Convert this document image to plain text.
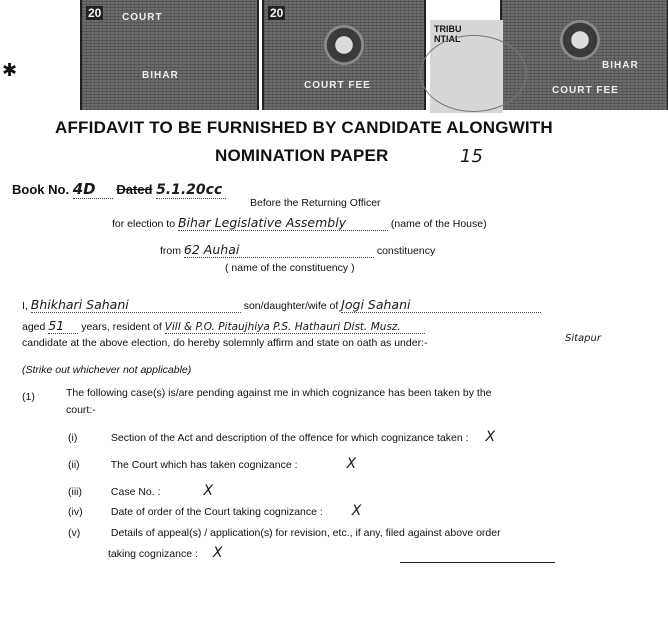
20 COURT
BIHAR
20
COURT FEE
BIHAR
COURT FEE
TRIBU
NTIAL
✱
AFFIDAVIT TO BE FURNISHED BY CANDIDATE ALONGWITH
NOMINATION PAPER	15
Book No. 4D Dated 5.1.20cc
Before the Returning Officer
for election to Bihar Legislative Assembly	(name of the House)
from 62 Auhai	constituency
( name of the constituency )
I, Bhikhari Sahani	son/daughter/wife of Jogi Sahani
aged 51 years, resident of Vill & P.O. Pitaujhiya P.S. Hathauri Dist. Musz.
Sitapur
candidate at the above election, do hereby solemnly affirm and state on oath as under:-
(Strike out whichever not applicable)
(1)	The following case(s) is/are pending against me in which cognizance has been taken by the
court:-
(i)	Section of the Act and description of the offence for which cognizance taken : X
(ii)	The Court which has taken cognizance :	X
(iii)	Case No. :	X
(iv)	Date of order of the Court taking cognizance : X
(v)	Details of appeal(s) / application(s) for revision, etc., if any, filed against above order
taking cognizance : X
